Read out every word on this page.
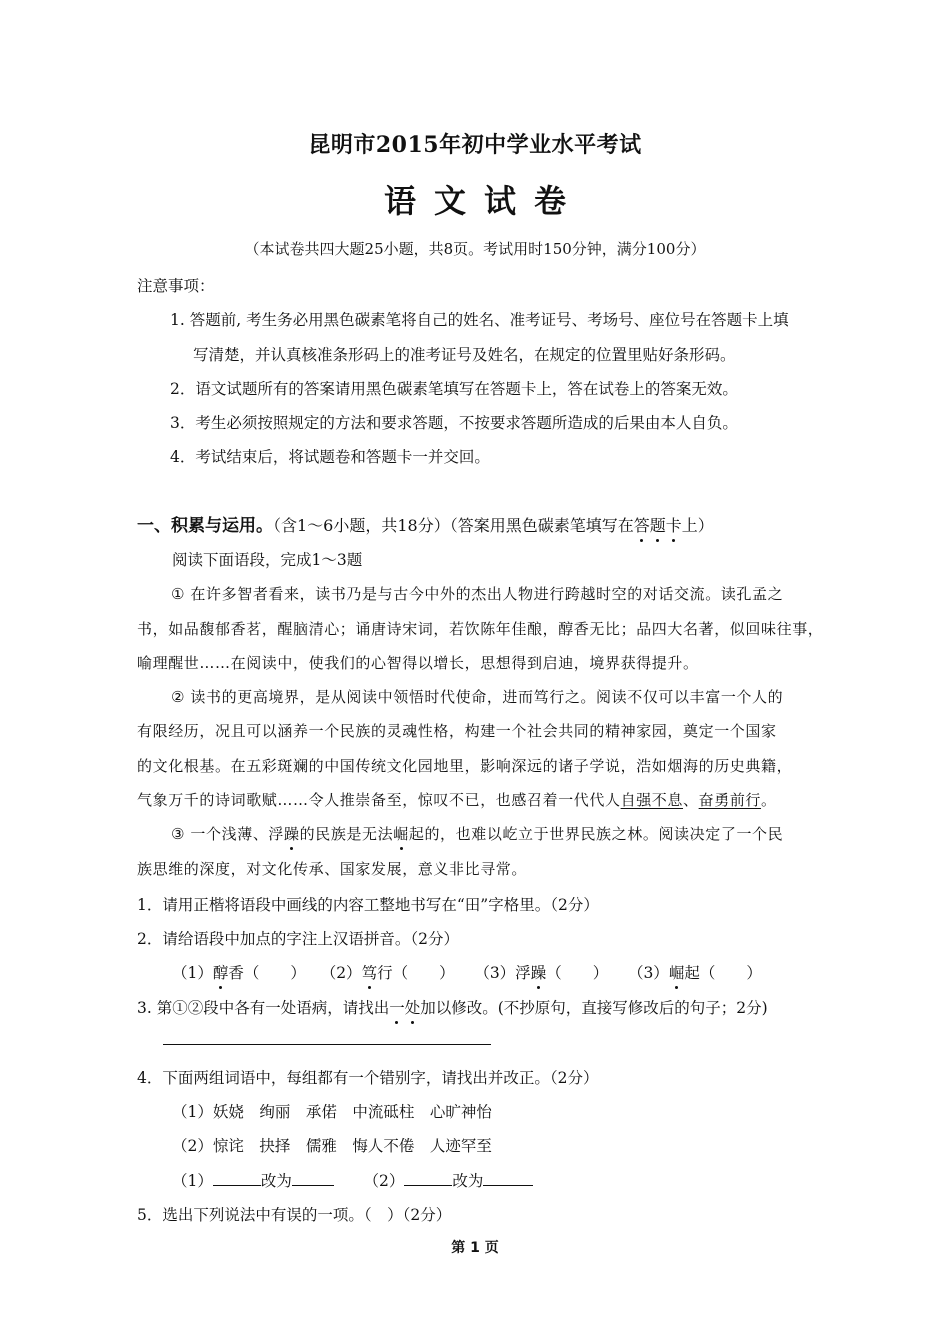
昆明市2015年初中学业水平考试
语文试卷
（本试卷共四大题25小题，共8页。考试用时150分钟，满分100分）
注意事项：
1. 答题前, 考生务必用黑色碳素笔将自己的姓名、准考证号、考场号、座位号在答题卡上填
写清楚，并认真核准条形码上的准考证号及姓名，在规定的位置里贴好条形码。
2．语文试题所有的答案请用黑色碳素笔填写在答题卡上，答在试卷上的答案无效。
3．考生必须按照规定的方法和要求答题，不按要求答题所造成的后果由本人自负。
4．考试结束后，将试题卷和答题卡一并交回。
一、积累与运用。（含1～6小题，共18分）（答案用黑色碳素笔填写在答题卡上）
阅读下面语段，完成1～3题
① 在许多智者看来，读书乃是与古今中外的杰出人物进行跨越时空的对话交流。读孔孟之
书，如品馥郁香茗，醒脑清心；诵唐诗宋词，若饮陈年佳酿，醇香无比；品四大名著，似回味往事，
喻理醒世……在阅读中，使我们的心智得以增长，思想得到启迪，境界获得提升。
② 读书的更高境界，是从阅读中领悟时代使命，进而笃行之。阅读不仅可以丰富一个人的
有限经历，况且可以涵养一个民族的灵魂性格，构建一个社会共同的精神家园，奠定一个国家
的文化根基。在五彩斑斓的中国传统文化园地里，影响深远的诸子学说，浩如烟海的历史典籍，
气象万千的诗词歌赋……令人推崇备至，惊叹不已，也感召着一代代人自强不息、奋勇前行。
③ 一个浅薄、浮躁的民族是无法崛起的，也难以屹立于世界民族之林。阅读决定了一个民
族思维的深度，对文化传承、国家发展，意义非比寻常。
1．请用正楷将语段中画线的内容工整地书写在“田”字格里。（2分）
2．请给语段中加点的字注上汉语拼音。（2分）
（1）醇香（　　） （2）笃行（　　） （3）浮躁（　　） （3）崛起（　　）
3. 第①②段中各有一处语病，请找出一处加以修改。(不抄原句，直接写修改后的句子；2分)
4．下面两组词语中，每组都有一个错别字，请找出并改正。（2分）
（1）妖娆　绚丽　承偌　中流砥柱　心旷神怡
（2）惊诧　抉择　儒雅　悔人不倦　人迹罕至
（1）	改为	（2）	改为
5．选出下列说法中有误的一项。（　）（2分）
第 1 页
